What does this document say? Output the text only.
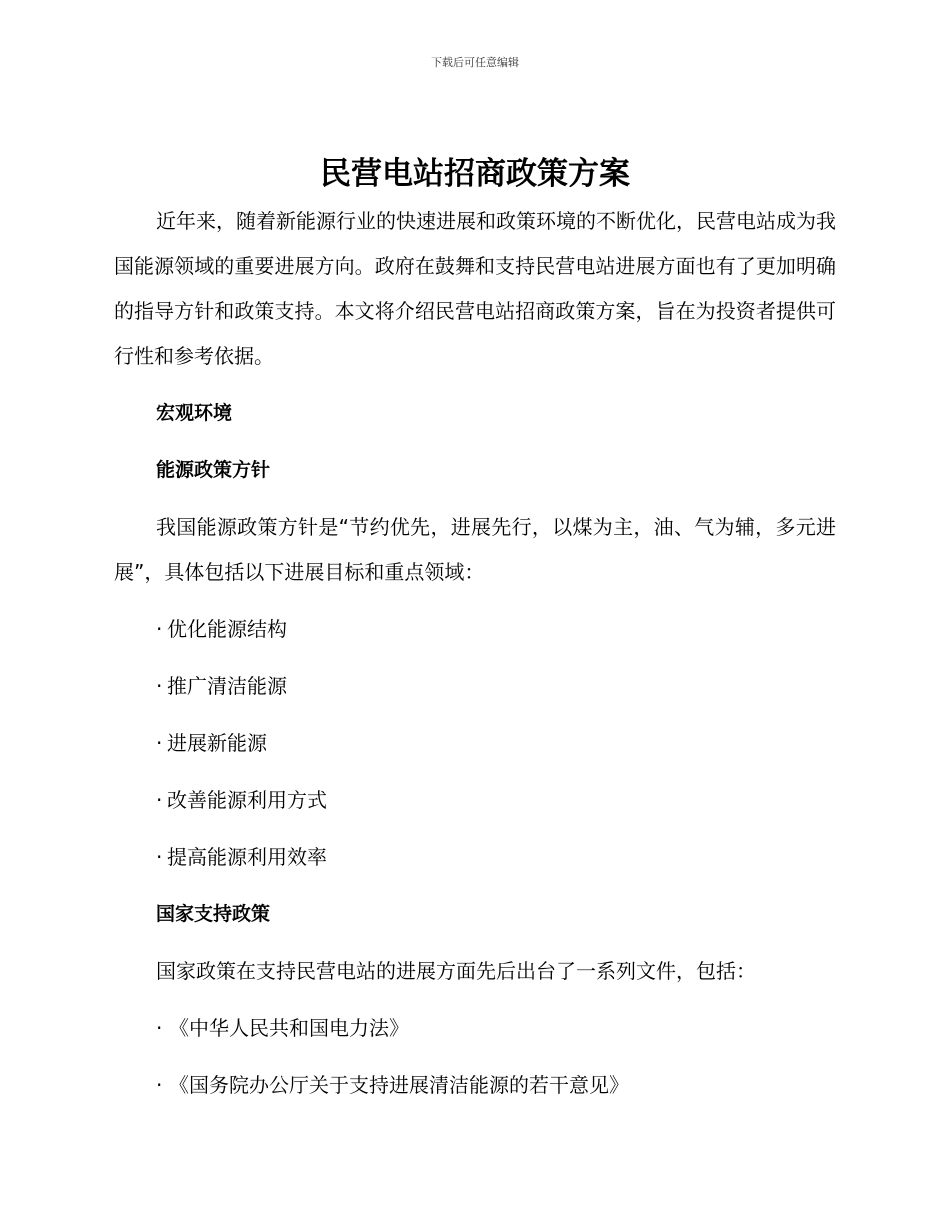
下载后可任意编辑
民营电站招商政策方案

近年来，随着新能源行业的快速进展和政策环境的不断优化，民营电站成为我国能源领域的重要进展方向。政府在鼓舞和支持民营电站进展方面也有了更加明确的指导方针和政策支持。本文将介绍民营电站招商政策方案，旨在为投资者提供可行性和参考依据。

宏观环境
能源政策方针

我国能源政策方针是“节约优先，进展先行，以煤为主，油、气为辅，多元进展”，具体包括以下进展目标和重点领域：

· 优化能源结构
· 推广清洁能源
· 进展新能源
· 改善能源利用方式
· 提高能源利用效率
国家支持政策
国家政策在支持民营电站的进展方面先后出台了一系列文件，包括：
· 《中华人民共和国电力法》
· 《国务院办公厅关于支持进展清洁能源的若干意见》
